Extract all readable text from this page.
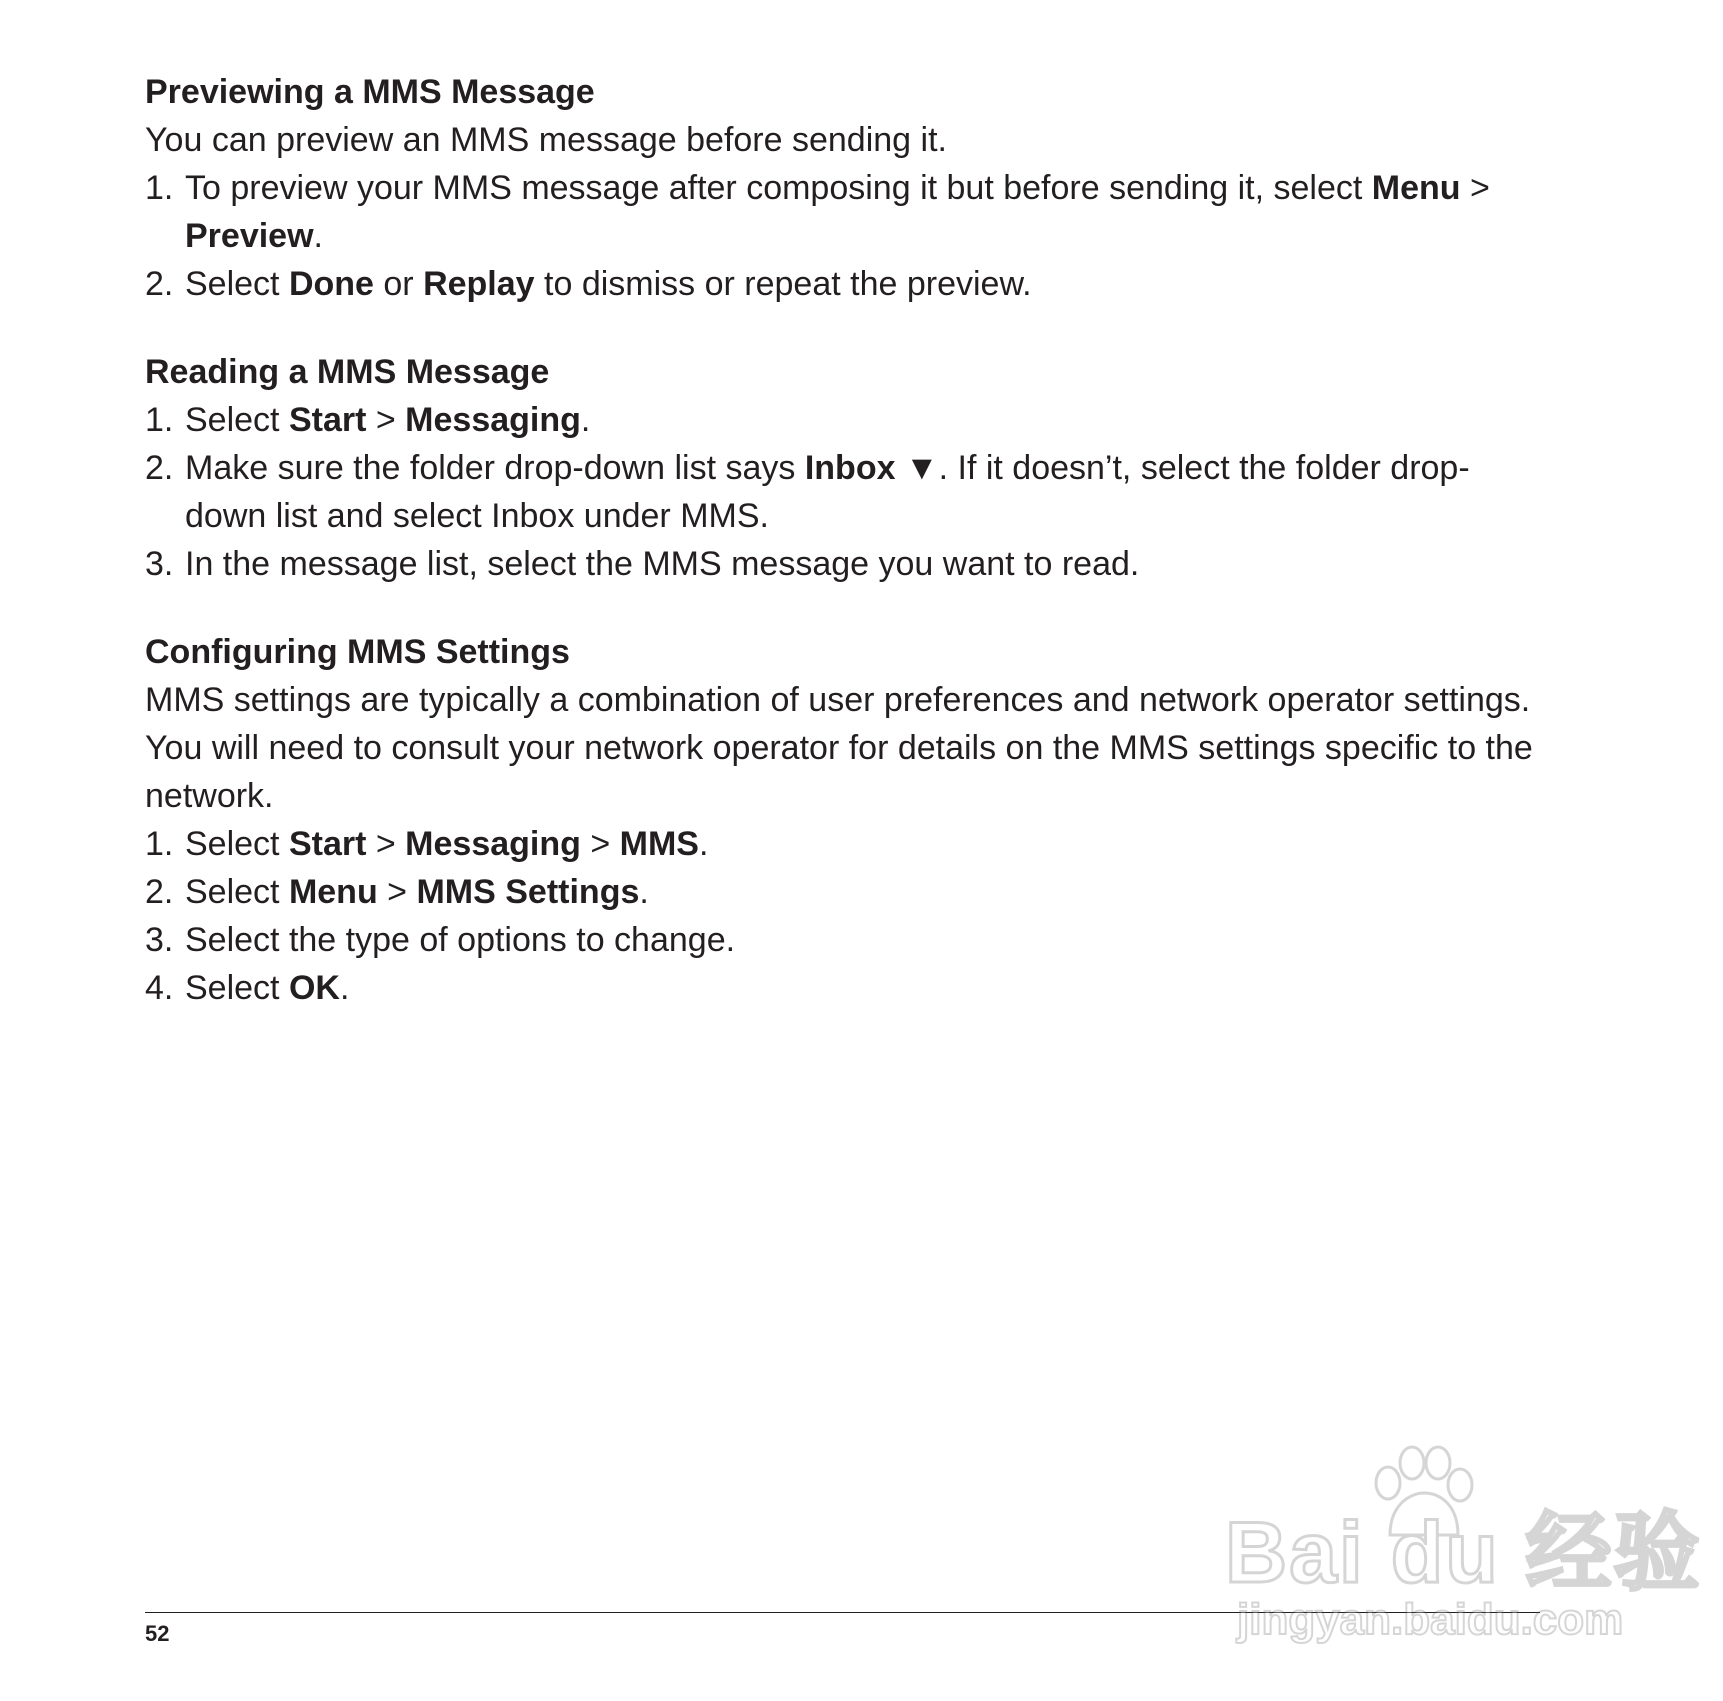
Previewing a MMS Message

You can preview an MMS message before sending it.

1. To preview your MMS message after composing it but before sending it, select Menu > Preview.
2. Select Done or Replay to dismiss or repeat the preview.
Reading a MMS Message
1. Select Start > Messaging.
2. Make sure the folder drop-down list says Inbox ▼. If it doesn’t, select the folder drop-down list and select Inbox under MMS.
3. In the message list, select the MMS message you want to read.
Configuring MMS Settings

MMS settings are typically a combination of user preferences and network operator settings. You will need to consult your network operator for details on the MMS settings specific to the network.

1. Select Start > Messaging > MMS.
2. Select Menu > MMS Settings.
3. Select the type of options to change.
4. Select OK.
52
Bai du 经验
jingyan.baidu.com
